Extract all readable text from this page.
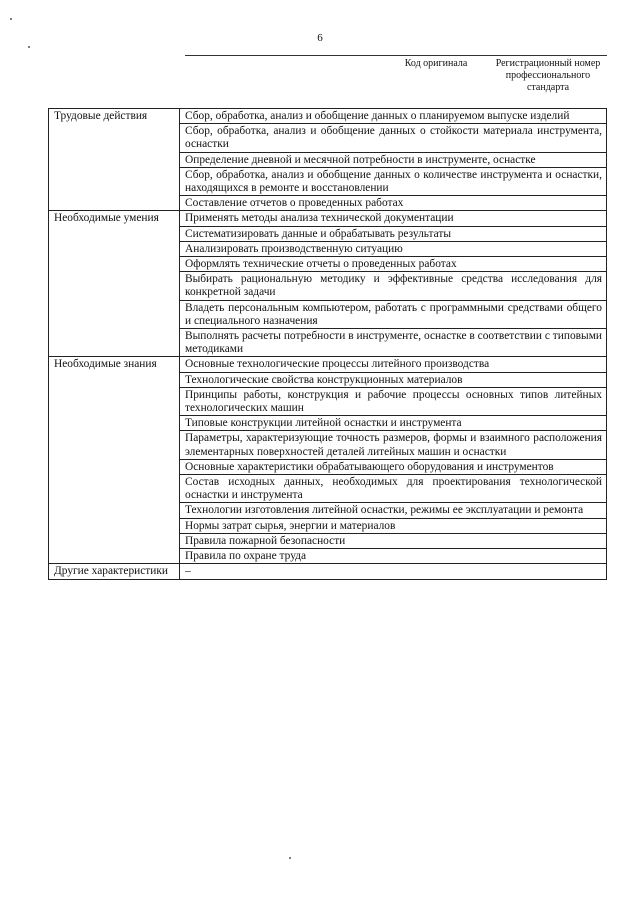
6
Код оригинала	Регистрационный номер профессионального стандарта
Трудовые действия	Сбор, обработка, анализ и обобщение данных о планируемом выпуске изделий
	Сбор, обработка, анализ и обобщение данных о стойкости материала инструмента, оснастки
	Определение дневной и месячной потребности в инструменте, оснастке
	Сбор, обработка, анализ и обобщение данных о количестве инструмента и оснастки, находящихся в ремонте и восстановлении
	Составление отчетов о проведенных работах
Необходимые умения	Применять методы анализа технической документации
	Систематизировать данные и обрабатывать результаты
	Анализировать производственную ситуацию
	Оформлять технические отчеты о проведенных работах
	Выбирать рациональную методику и эффективные средства исследования для конкретной задачи
	Владеть персональным компьютером, работать с программными средствами общего и специального назначения
	Выполнять расчеты потребности в инструменте, оснастке в соответствии с типовыми методиками
Необходимые знания	Основные технологические процессы литейного производства
	Технологические свойства конструкционных материалов
	Принципы работы, конструкция и рабочие процессы основных типов литейных технологических машин
	Типовые конструкции литейной оснастки и инструмента
	Параметры, характеризующие точность размеров, формы и взаимного расположения элементарных поверхностей деталей литейных машин и оснастки
	Основные характеристики обрабатывающего оборудования и инструментов
	Состав исходных данных, необходимых для проектирования технологической оснастки и инструмента
	Технологии изготовления литейной оснастки, режимы ее эксплуатации и ремонта
	Нормы затрат сырья, энергии и материалов
	Правила пожарной безопасности
	Правила по охране труда
Другие характеристики	–
